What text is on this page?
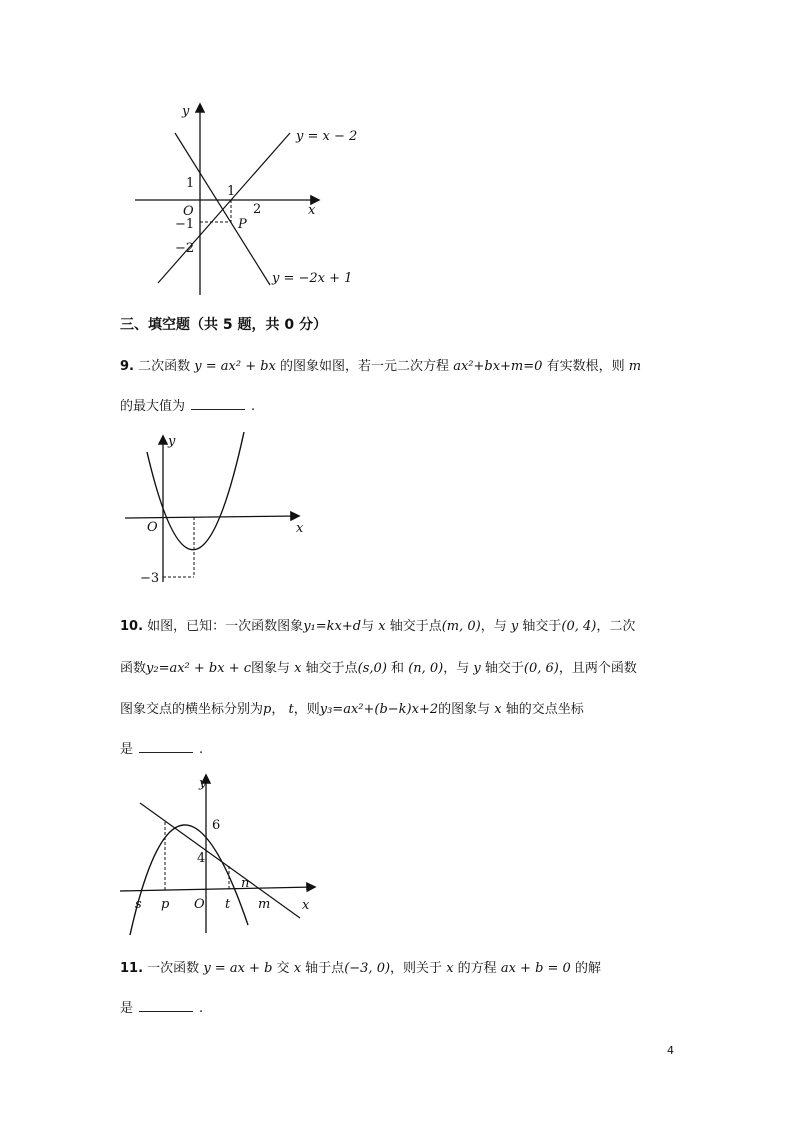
y
x
O
y = x − 2
y = −2x + 1
1
1
2
−1
−2
P
三、填空题（共 5 题，共 0 分）
9. 二次函数 y = ax² + bx 的图象如图，若一元二次方程 ax²+bx+m=0 有实数根，则 m
的最大值为	.
y
x
O
−3
10. 如图，已知：一次函数图象y₁=kx+d与 x 轴交于点(m, 0)，与 y 轴交于(0, 4)，二次
函数y₂=ax² + bx + c图象与 x 轴交于点(s,0) 和 (n, 0)，与 y 轴交于(0, 6)，且两个函数
图象交点的横坐标分别为p， t，则y₃=ax²+(b−k)x+2的图象与 x 轴的交点坐标
是	.
y
x
O
6
4
s p	t m
n
11. 一次函数 y = ax + b 交 x 轴于点(−3, 0)，则关于 x 的方程 ax + b = 0 的解
是	.
4
